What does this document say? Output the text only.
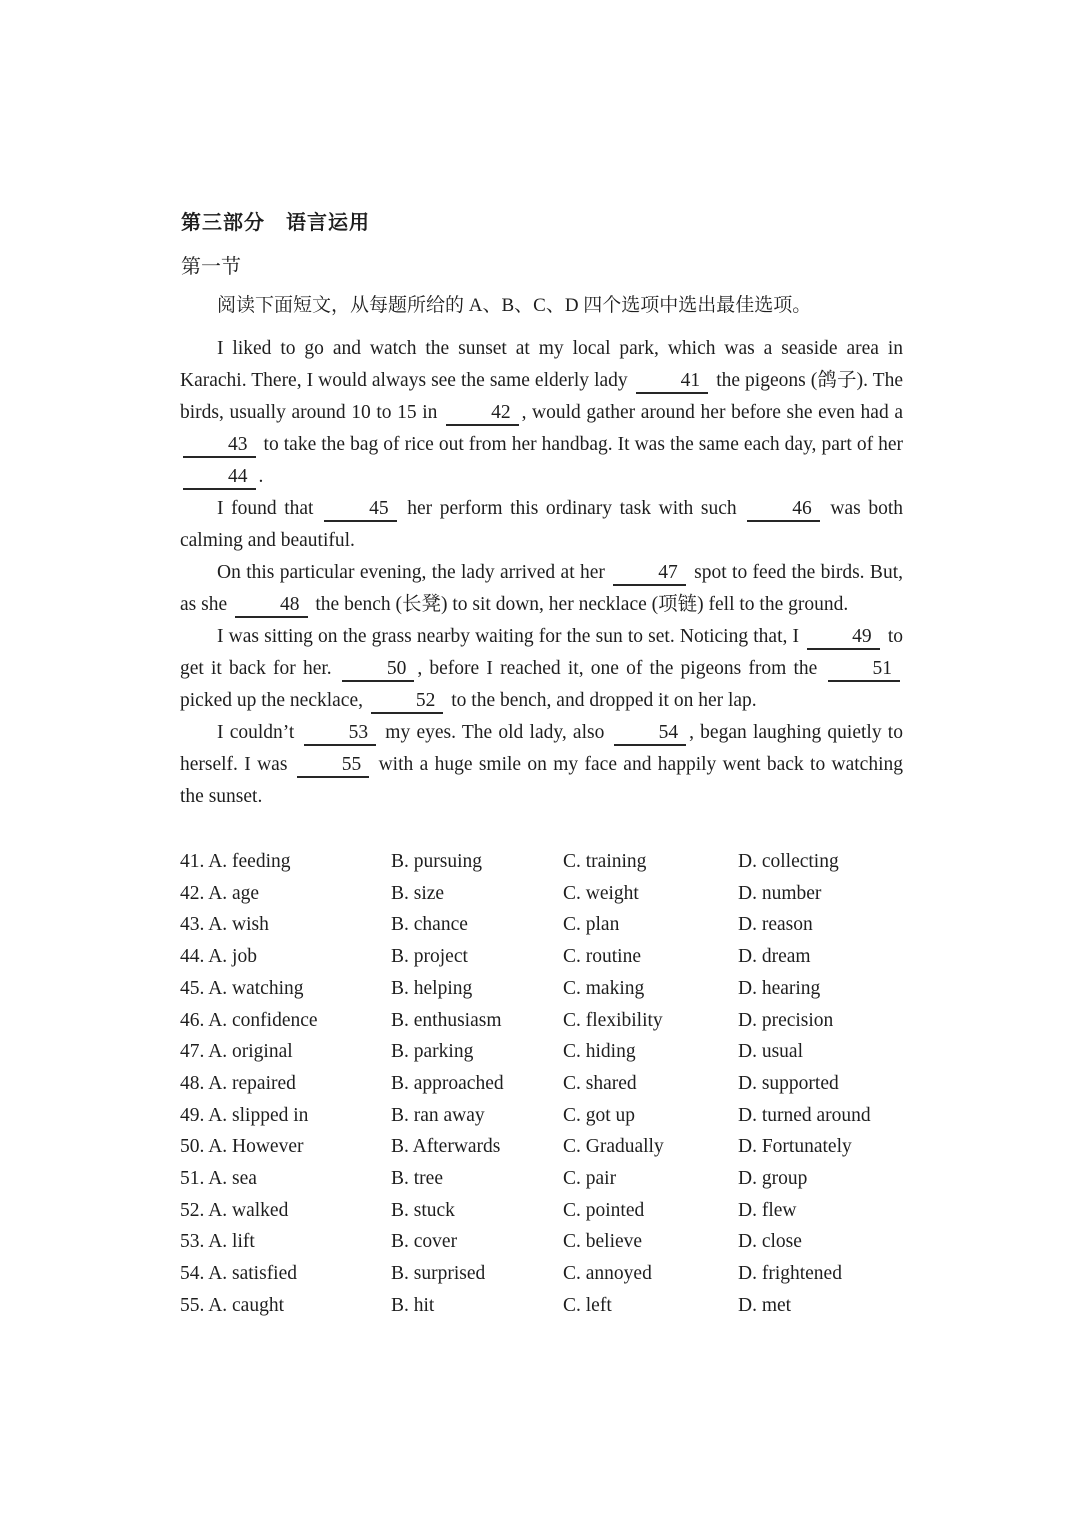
第三部分　语言运用
第一节

阅读下面短文，从每题所给的 A、B、C、D 四个选项中选出最佳选项。

I liked to go and watch the sunset at my local park, which was a seaside area in Karachi. There, I would always see the same elderly lady 41 the pigeons (鸽子). The birds, usually around 10 to 15 in 42 , would gather around her before she even had a 43 to take the bag of rice out from her handbag. It was the same each day, part of her 44 .

I found that 45 her perform this ordinary task with such 46 was both calming and beautiful.

On this particular evening, the lady arrived at her 47 spot to feed the birds. But, as she 48 the bench (长凳) to sit down, her necklace (项链) fell to the ground.

I was sitting on the grass nearby waiting for the sun to set. Noticing that, I 49 to get it back for her. 50 , before I reached it, one of the pigeons from the 51 picked up the necklace, 52 to the bench, and dropped it on her lap.

I couldn’t 53 my eyes. The old lady, also 54 , began laughing quietly to herself. I was 55 with a huge smile on my face and happily went back to watching the sunset.

41. A. feeding	B. pursuing	C. training	D. collecting
42. A. age	B. size	C. weight	D. number
43. A. wish	B. chance	C. plan	D. reason
44. A. job	B. project	C. routine	D. dream
45. A. watching	B. helping	C. making	D. hearing
46. A. confidence	B. enthusiasm	C. flexibility	D. precision
47. A. original	B. parking	C. hiding	D. usual
48. A. repaired	B. approached	C. shared	D. supported
49. A. slipped in	B. ran away	C. got up	D. turned around
50. A. However	B. Afterwards	C. Gradually	D. Fortunately
51. A. sea	B. tree	C. pair	D. group
52. A. walked	B. stuck	C. pointed	D. flew
53. A. lift	B. cover	C. believe	D. close
54. A. satisfied	B. surprised	C. annoyed	D. frightened
55. A. caught	B. hit	C. left	D. met
